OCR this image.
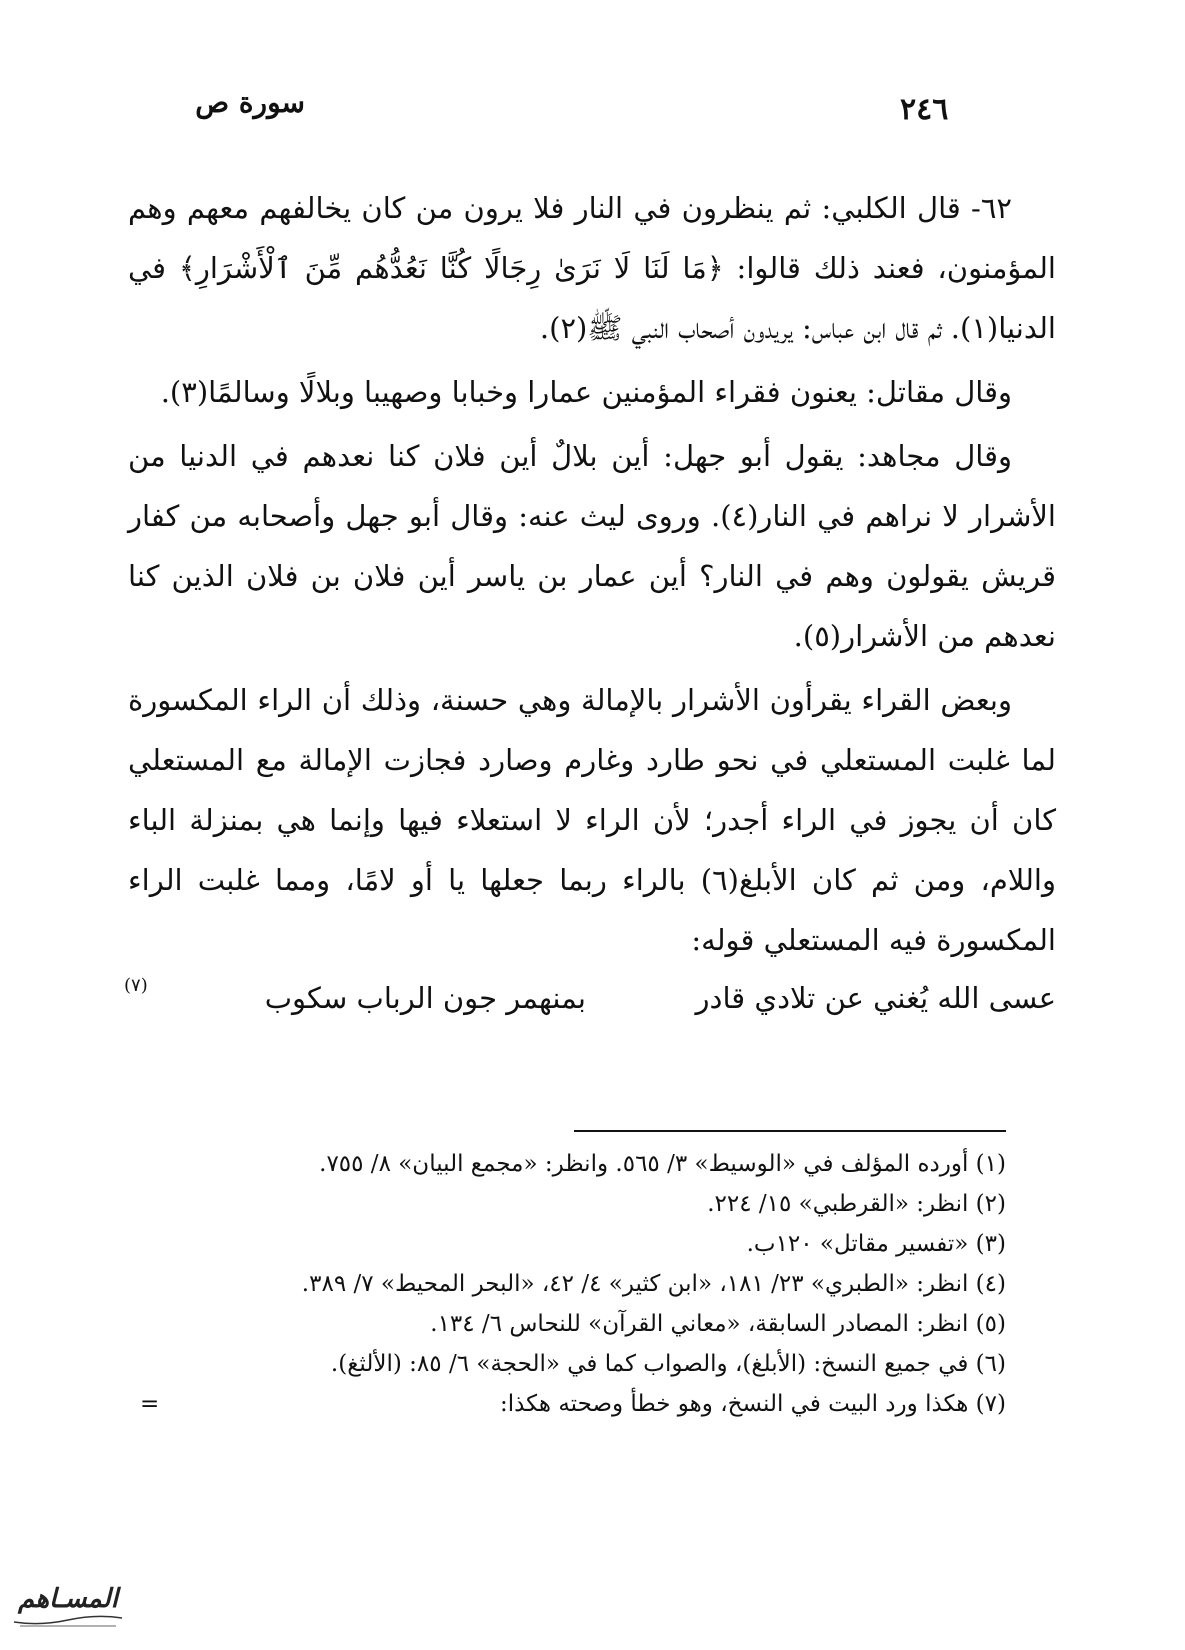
سورة ص	٢٤٦

٦٢- قال الكلبي: ثم ينظرون في النار فلا يرون من كان يخالفهم معهم وهم المؤمنون، فعند ذلك قالوا: ﴿مَا لَنَا لَا نَرَىٰ رِجَالًا كُنَّا نَعُدُّهُم مِّنَ ٱلْأَشْرَارِ﴾ في الدنيا(١). ثم قال ابن عباس: يريدون أصحاب النبي ﷺ(٢).

وقال مقاتل: يعنون فقراء المؤمنين عمارا وخبابا وصهيبا وبلالًا وسالمًا(٣).

وقال مجاهد: يقول أبو جهل: أين بلالٌ أين فلان كنا نعدهم في الدنيا من الأشرار لا نراهم في النار(٤). وروى ليث عنه: وقال أبو جهل وأصحابه من كفار قريش يقولون وهم في النار؟ أين عمار بن ياسر أين فلان بن فلان الذين كنا نعدهم من الأشرار(٥).

وبعض القراء يقرأون الأشرار بالإمالة وهي حسنة، وذلك أن الراء المكسورة لما غلبت المستعلي في نحو طارد وغارم وصارد فجازت الإمالة مع المستعلي كان أن يجوز في الراء أجدر؛ لأن الراء لا استعلاء فيها وإنما هي بمنزلة الباء واللام، ومن ثم كان الأبلغ(٦) بالراء ربما جعلها يا أو لامًا، ومما غلبت الراء المكسورة فيه المستعلي قوله:

عسى الله يُغني عن تلادي قادر
بمنهمر جون الرباب سكوب
(٧)
(١) أورده المؤلف في «الوسيط» ٣/ ٥٦٥. وانظر: «مجمع البيان» ٨/ ٧٥٥.
(٢) انظر: «القرطبي» ١٥/ ٢٢٤.
(٣) «تفسير مقاتل» ١٢٠ب.
(٤) انظر: «الطبري» ٢٣/ ١٨١، «ابن كثير» ٤/ ٤٢، «البحر المحيط» ٧/ ٣٨٩.
(٥) انظر: المصادر السابقة، «معاني القرآن» للنحاس ٦/ ١٣٤.
(٦) في جميع النسخ: (الأبلغ)، والصواب كما في «الحجة» ٦/ ٨٥: (الألثغ).
(٧) هكذا ورد البيت في النسخ، وهو خطأ وصحته هكذا:
=
المسـاهم
